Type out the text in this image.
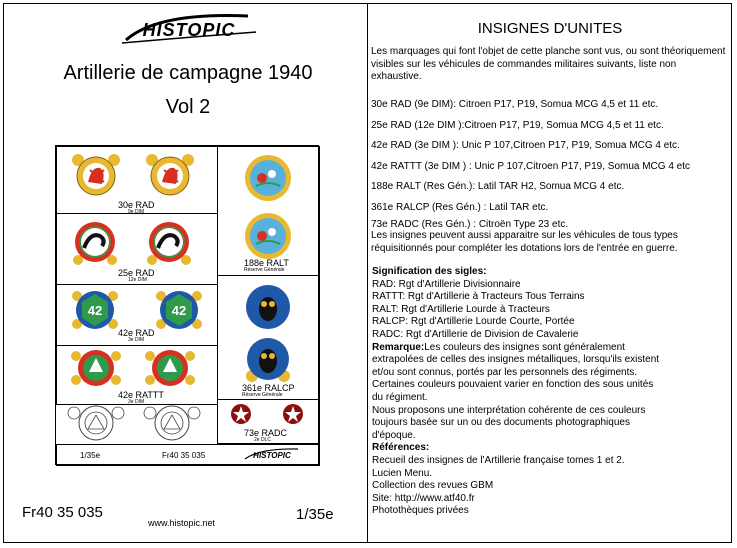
HISTOPIC
Artillerie de campagne 1940
Vol 2
30e RAD
9e DIM
25e RAD
12e DIM
42	42
42e RAD
3e DIM
42e RATTT
3e DIM
188e RALT
Réserve Générale
361e RALCP
Réserve Générale
73e RADC
2e DLC
1/35e	Fr40 35 035	HISTOPIC
Fr40 35 035
www.histopic.net	1/35e
INSIGNES D'UNITES
Les marquages qui font l'objet de cette planche sont vus, ou sont théoriquement visibles sur les véhicules de commandes militaires suivants, liste non exhaustive.

30e RAD (9e DIM): Citroen P17, P19, Somua MCG 4,5 et 11 etc.

25e RAD (12e DIM ):Citroen P17, P19, Somua MCG 4,5 et 11 etc.

42e RAD (3e DIM ): Unic P 107,Citroen P17, P19, Somua MCG 4 etc.

42e RATTT (3e DIM ) : Unic P 107,Citroen P17, P19, Somua MCG 4 etc

188e RALT (Res Gén.): Latil TAR H2, Somua MCG 4 etc.

361e RALCP (Res Gén.) : Latil TAR etc.

73e RADC (Res Gén.) : Citroën Type 23 etc.

Les insignes peuvent aussi apparaitre sur les véhicules de tous types réquisitionnés pour compléter les dotations lors de l'entrée en guerre.

Signification des sigles:

RAD: Rgt d'Artillerie Divisionnaire

RATTT: Rgt d'Artillerie à Tracteurs Tous Terrains

RALT: Rgt d'Artillerie Lourde à Tracteurs

RALCP: Rgt d'Artillerie Lourde Courte, Portée

RADC: Rgt d'Artillerie de Division de Cavalerie

Remarque:Les couleurs des insignes sont généralement

extrapolées de celles des insignes métalliques, lorsqu'ils existent

et/ou sont connus, portés par les personnels des régiments.

Certaines couleurs pouvaient varier en fonction des sous unités

du régiment.

Nous proposons une interprétation cohérente de ces couleurs

toujours basée sur un ou des documents photographiques

d'époque.

Références:

Recueil des insignes de l'Artillerie française tomes 1 et 2.

Lucien Menu.

Collection des revues GBM

Site: http://www.atf40.fr

Photothèques privées
